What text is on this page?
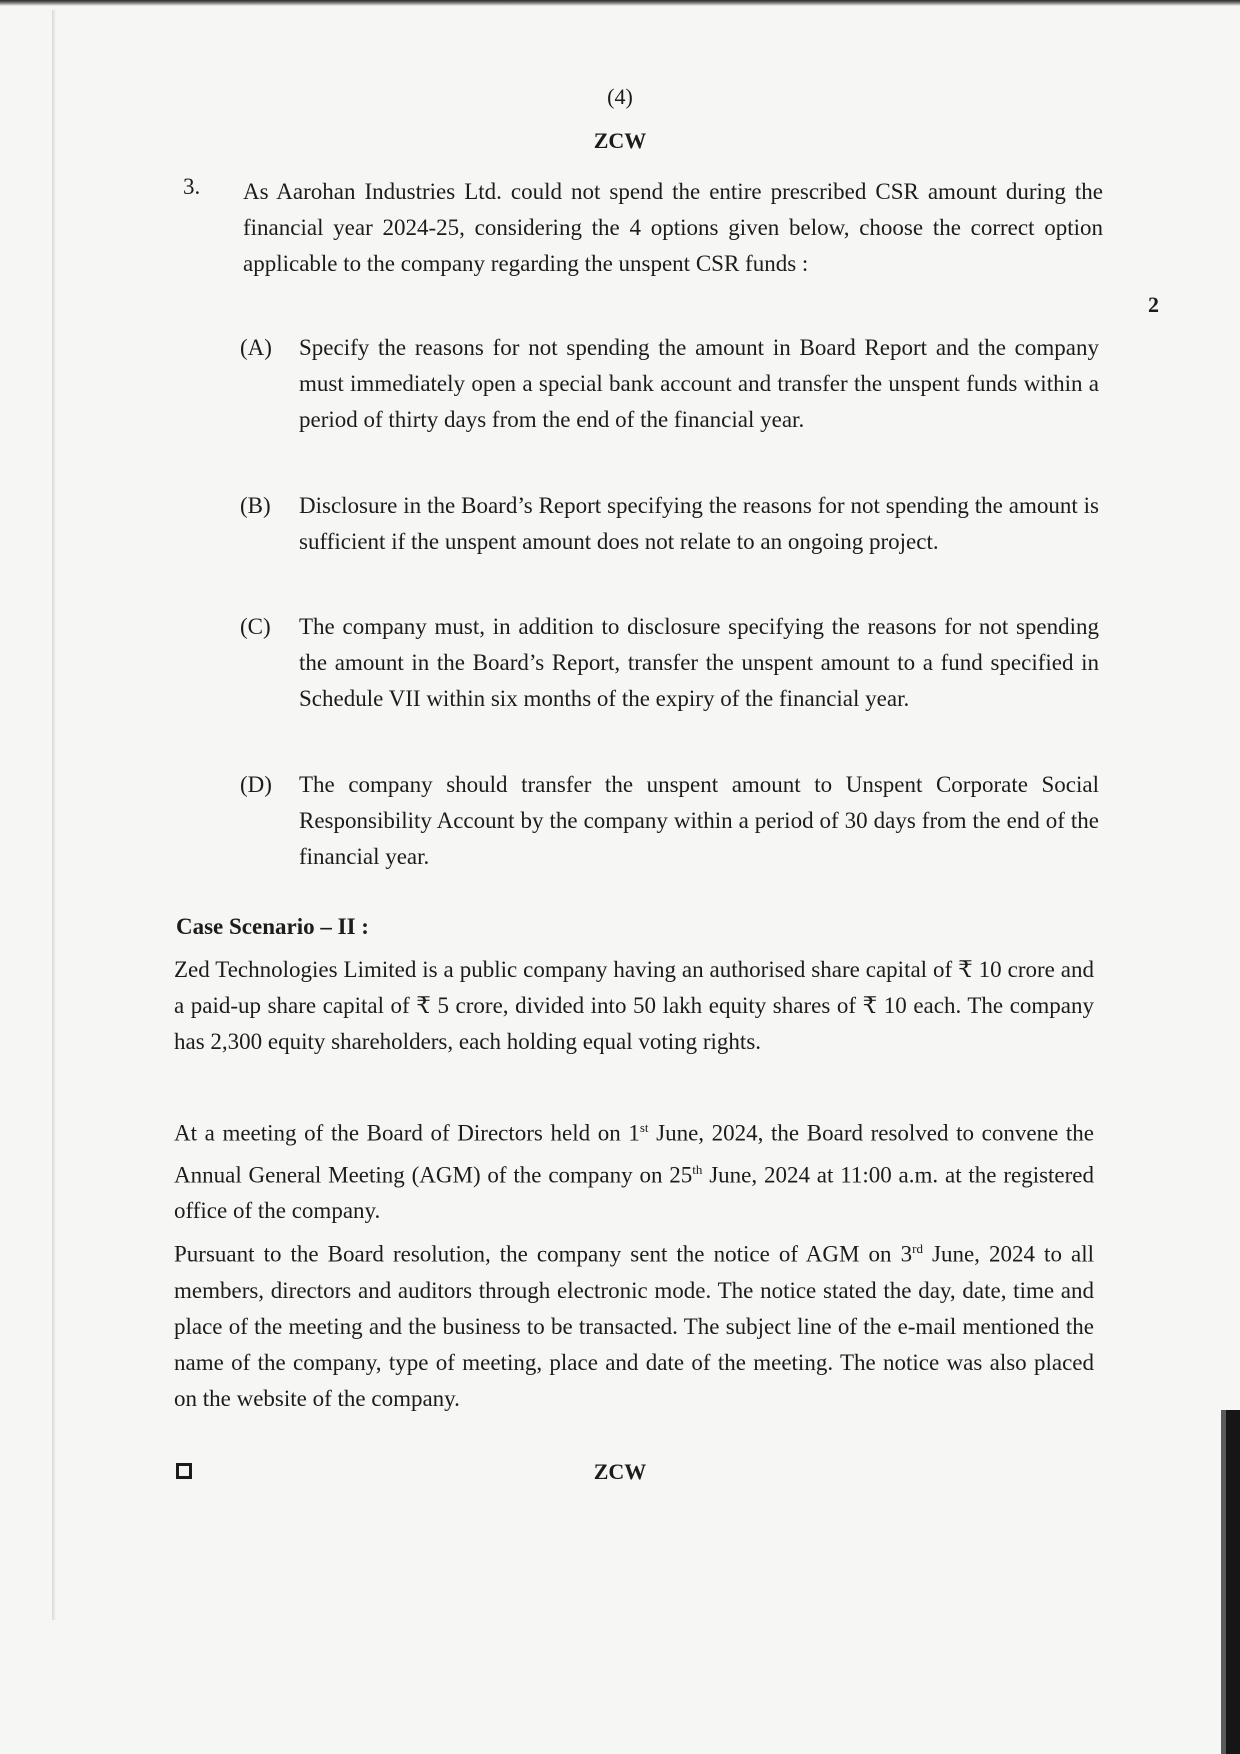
(4)
ZCW
3. As Aarohan Industries Ltd. could not spend the entire prescribed CSR amount during the financial year 2024-25, considering the 4 options given below, choose the correct option applicable to the company regarding the unspent CSR funds :
2
(A) Specify the reasons for not spending the amount in Board Report and the company must immediately open a special bank account and transfer the unspent funds within a period of thirty days from the end of the financial year.
(B) Disclosure in the Board’s Report specifying the reasons for not spending the amount is sufficient if the unspent amount does not relate to an ongoing project.
(C) The company must, in addition to disclosure specifying the reasons for not spending the amount in the Board’s Report, transfer the unspent amount to a fund specified in Schedule VII within six months of the expiry of the financial year.
(D) The company should transfer the unspent amount to Unspent Corporate Social Responsibility Account by the company within a period of 30 days from the end of the financial year.
Case Scenario – II :
Zed Technologies Limited is a public company having an authorised share capital of ₹ 10 crore and a paid-up share capital of ₹ 5 crore, divided into 50 lakh equity shares of ₹ 10 each. The company has 2,300 equity shareholders, each holding equal voting rights.
At a meeting of the Board of Directors held on 1st June, 2024, the Board resolved to convene the Annual General Meeting (AGM) of the company on 25th June, 2024 at 11:00 a.m. at the registered office of the company.
Pursuant to the Board resolution, the company sent the notice of AGM on 3rd June, 2024 to all members, directors and auditors through electronic mode. The notice stated the day, date, time and place of the meeting and the business to be transacted. The subject line of the e-mail mentioned the name of the company, type of meeting, place and date of the meeting. The notice was also placed on the website of the company.
ZCW
